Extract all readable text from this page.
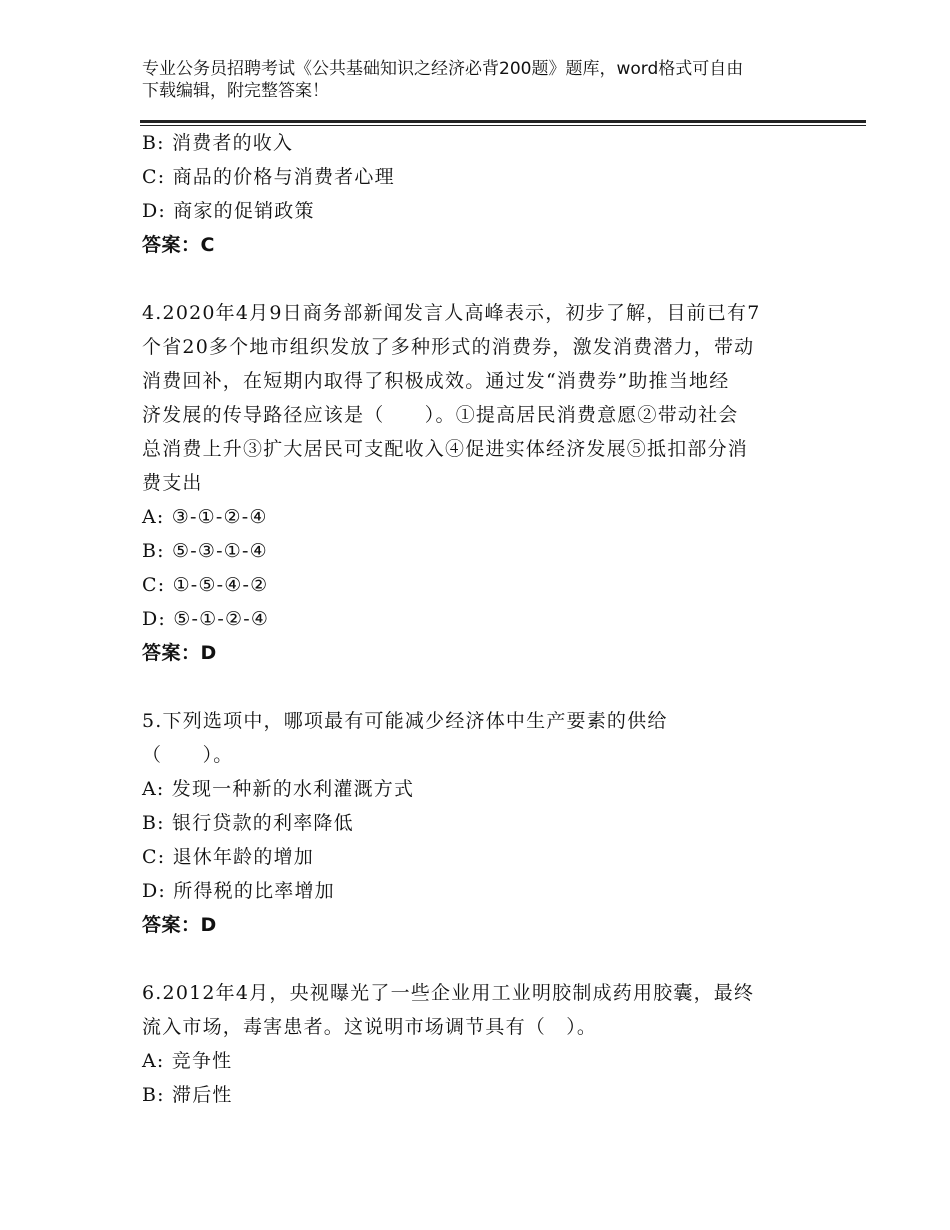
专业公务员招聘考试《公共基础知识之经济必背200题》题库，word格式可自由
下载编辑，附完整答案！
B: 消费者的收入
C: 商品的价格与消费者心理
D: 商家的促销政策
答案：C
4.2020年4月9日商务部新闻发言人高峰表示，初步了解，目前已有7
个省20多个地市组织发放了多种形式的消费券，激发消费潜力，带动
消费回补，在短期内取得了积极成效。通过发“消费券”助推当地经
济发展的传导路径应该是（　　）。①提高居民消费意愿②带动社会
总消费上升③扩大居民可支配收入④促进实体经济发展⑤抵扣部分消
费支出
A: ③-①-②-④
B: ⑤-③-①-④
C: ①-⑤-④-②
D: ⑤-①-②-④
答案：D
5.下列选项中，哪项最有可能减少经济体中生产要素的供给
（　　）。
A: 发现一种新的水利灌溉方式
B: 银行贷款的利率降低
C: 退休年龄的增加
D: 所得税的比率增加
答案：D
6.2012年4月，央视曝光了一些企业用工业明胶制成药用胶囊，最终
流入市场，毒害患者。这说明市场调节具有（　）。
A: 竞争性
B: 滞后性
